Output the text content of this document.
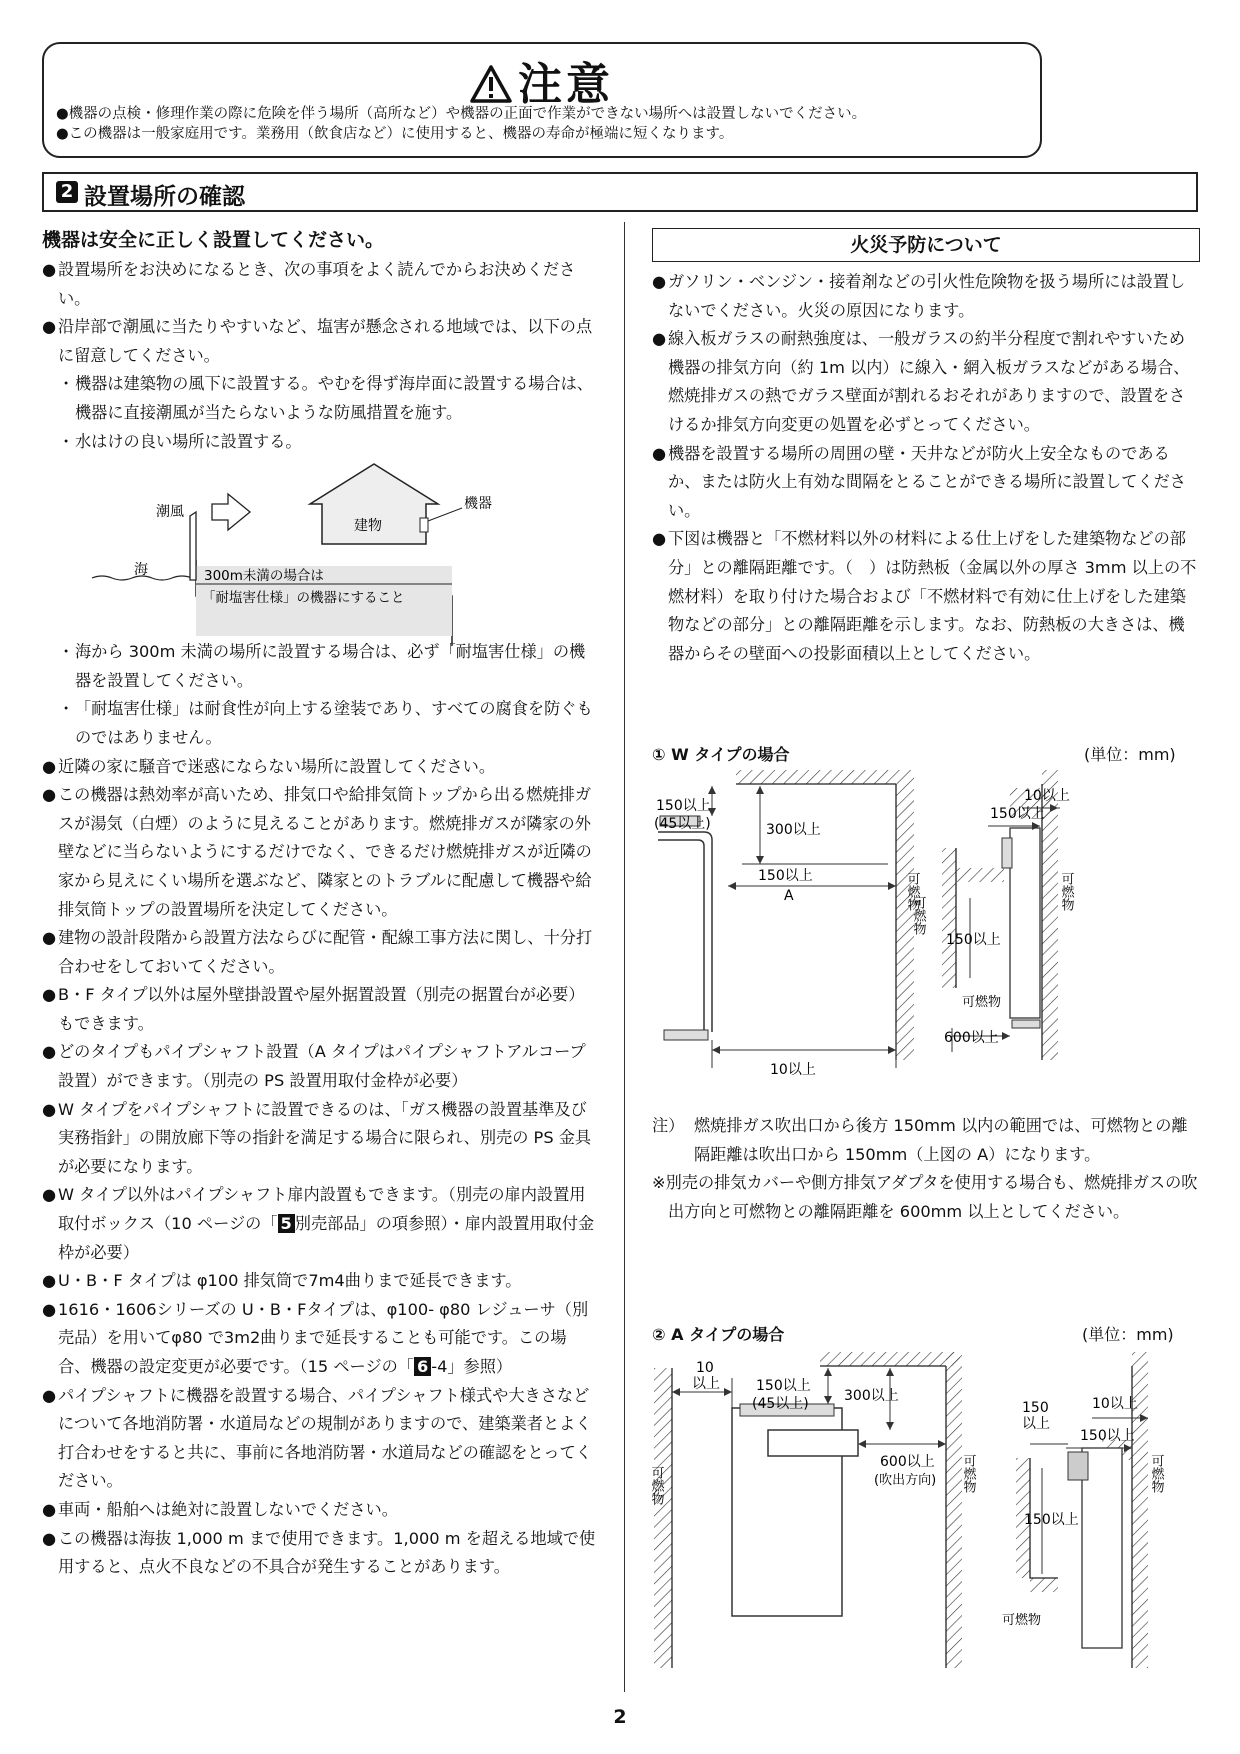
注意
●機器の点検・修理作業の際に危険を伴う場所（高所など）や機器の正面で作業ができない場所へは設置しないでください。
●この機器は一般家庭用です。業務用（飲食店など）に使用すると、機器の寿命が極端に短くなります。
2 設置場所の確認
機器は安全に正しく設置してください。

● 設置場所をお決めになるとき、次の事項をよく読んでからお決めください。

● 沿岸部で潮風に当たりやすいなど、塩害が懸念される地域では、以下の点に留意してください。

・ 機器は建築物の風下に設置する。やむを得ず海岸面に設置する場合は、機器に直接潮風が当たらないような防風措置を施す。

・ 水はけの良い場所に設置する。

潮風
海
建物
機器
300m未満の場合は
「耐塩害仕様」の機器にすること

・ 海から 300m 未満の場所に設置する場合は、必ず「耐塩害仕様」の機器を設置してください。

・ 「耐塩害仕様」は耐食性が向上する塗装であり、すべての腐食を防ぐものではありません。

● 近隣の家に騒音で迷惑にならない場所に設置してください。

● この機器は熱効率が高いため、排気口や給排気筒トップから出る燃焼排ガスが湯気（白煙）のように見えることがあります。燃焼排ガスが隣家の外壁などに当らないようにするだけでなく、できるだけ燃焼排ガスが近隣の家から見えにくい場所を選ぶなど、隣家とのトラブルに配慮して機器や給排気筒トップの設置場所を決定してください。

● 建物の設計段階から設置方法ならびに配管・配線工事方法に関し、十分打合わせをしておいてください。

● B・F タイプ以外は屋外壁掛設置や屋外据置設置（別売の据置台が必要）もできます。

● どのタイプもパイプシャフト設置（A タイプはパイプシャフトアルコープ設置）ができます。（別売の PS 設置用取付金枠が必要）

● W タイプをパイプシャフトに設置できるのは、「ガス機器の設置基準及び実務指針」の開放廊下等の指針を満足する場合に限られ、別売の PS 金具が必要になります。

● W タイプ以外はパイプシャフト扉内設置もできます。（別売の扉内設置用取付ボックス（10 ページの「 5 別売部品」の項参照）・扉内設置用取付金枠が必要）

● U・B・F タイプは φ100 排気筒で7m4曲りまで延長できます。

● 1616・1606シリーズの U・B・Fタイプは、φ100- φ80 レジューサ（別売品）を用いてφ80 で3m2曲りまで延長することも可能です。この場合、機器の設定変更が必要です。（15 ページの「 6 -4」参照）

● パイプシャフトに機器を設置する場合、パイプシャフト様式や大きさなどについて各地消防署・水道局などの規制がありますので、建築業者とよく打合わせをすると共に、事前に各地消防署・水道局などの確認をとってください。

● 車両・船舶へは絶対に設置しないでください。

● この機器は海抜 1,000 m まで使用できます。1,000 m を超える地域で使用すると、点火不良などの不具合が発生することがあります。

火災予防について

● ガソリン・ベンジン・接着剤などの引火性危険物を扱う場所には設置しないでください。火災の原因になります。

● 線入板ガラスの耐熱強度は、一般ガラスの約半分程度で割れやすいため機器の排気方向（約 1m 以内）に線入・網入板ガラスなどがある場合、燃焼排ガスの熱でガラス壁面が割れるおそれがありますので、設置をさけるか排気方向変更の処置を必ずとってください。

● 機器を設置する場所の周囲の壁・天井などが防火上安全なものであるか、または防火上有効な間隔をとることができる場所に設置してください。

● 下図は機器と「不燃材料以外の材料による仕上げをした建築物などの部分」との離隔距離です。（　）は防熱板（金属以外の厚さ 3mm 以上の不燃材料）を取り付けた場合および「不燃材料で有効に仕上げをした建築物などの部分」との離隔距離を示します。なお、防熱板の大きさは、機器からその壁面への投影面積以上としてください。

① W タイプの場合	(単位：mm)
150以上
(45以上)	300以上
150以上
A
10以上
可燃物
可燃物
10以上
150以上
150以上
600以上
可燃物
可燃物
注） 燃焼排ガス吹出口から後方 150mm 以内の範囲では、可燃物との離隔距離は吹出口から 150mm（上図の A）になります。
※別売の排気カバーや側方排気アダプタを使用する場合も、燃焼排ガスの吹出方向と可燃物との離隔距離を 600mm 以上としてください。
② A タイプの場合	(単位：mm)
10
以上	150以上
(45以上)	300以上
600以上
(吹出方向)
可燃物	可燃物
150
以上
10以上
150以上
150以上
可燃物
可燃物
2
